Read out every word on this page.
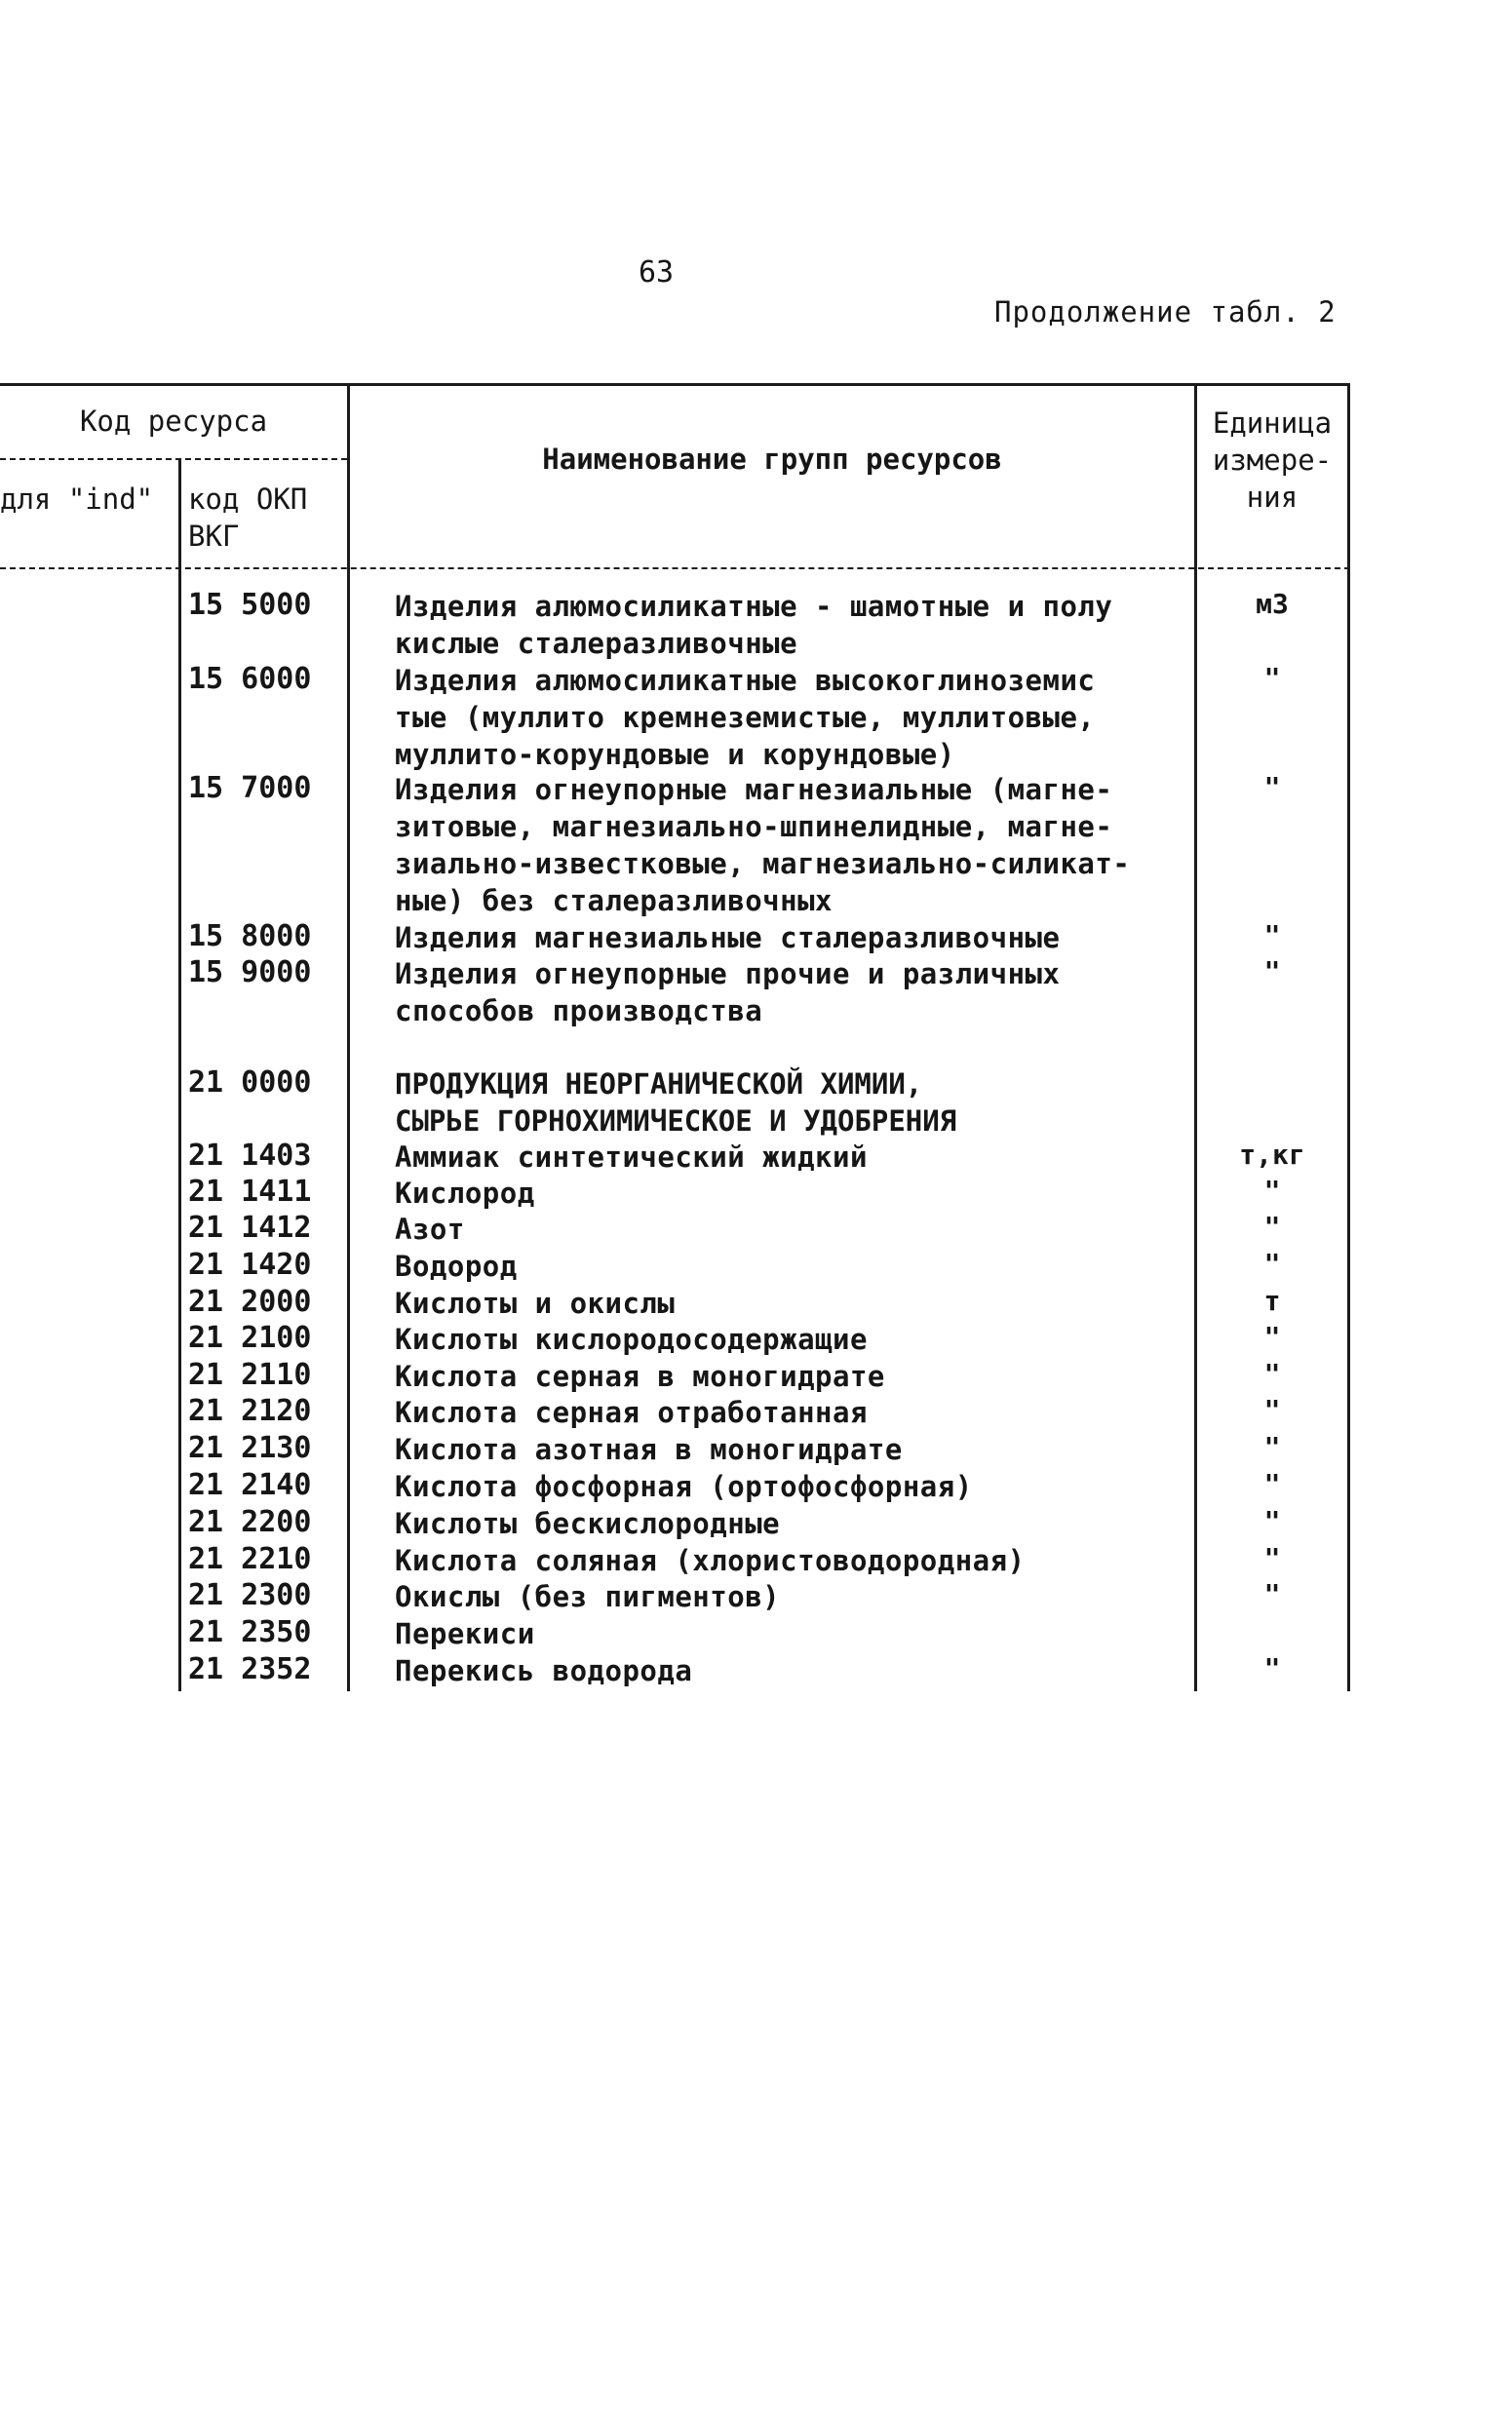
63
Продолжение табл. 2
Код ресурса
для "ind"	код ОКП
ВКГ
Наименование групп ресурсов
Единица
измере-
ния
15 5000	Изделия алюмосиликатные - шамотные и полу
кислые сталеразливочные
м3
15 6000	Изделия алюмосиликатные высокоглиноземис
тые (муллито кремнеземистые, муллитовые,
муллито-корундовые и корундовые)
"
15 7000	Изделия огнеупорные магнезиальные (магне-
зитовые, магнезиально-шпинелидные, магне-
зиально-известковые, магнезиально-силикат-
ные) без сталеразливочных
"
15 8000	Изделия магнезиальные сталеразливочные	"
15 9000	Изделия огнеупорные прочие и различных
способов производства
"
21 0000	ПРОДУКЦИЯ НЕОРГАНИЧЕСКОЙ ХИМИИ,
СЫРЬЕ ГОРНОХИМИЧЕСКОЕ И УДОБРЕНИЯ
21 1403	Аммиак синтетический жидкий	т,кг
21 1411	Кислород	"
21 1412	Азот	"
21 1420	Водород	"
21 2000	Кислоты и окислы	т
21 2100	Кислоты кислородосодержащие	"
21 2110	Кислота серная в моногидрате	"
21 2120	Кислота серная отработанная	"
21 2130	Кислота азотная в моногидрате	"
21 2140	Кислота фосфорная (ортофосфорная)	"
21 2200	Кислоты бескислородные	"
21 2210	Кислота соляная (хлористоводородная)	"
21 2300	Окислы (без пигментов)	"
21 2350	Перекиси
21 2352	Перекись водорода	"
